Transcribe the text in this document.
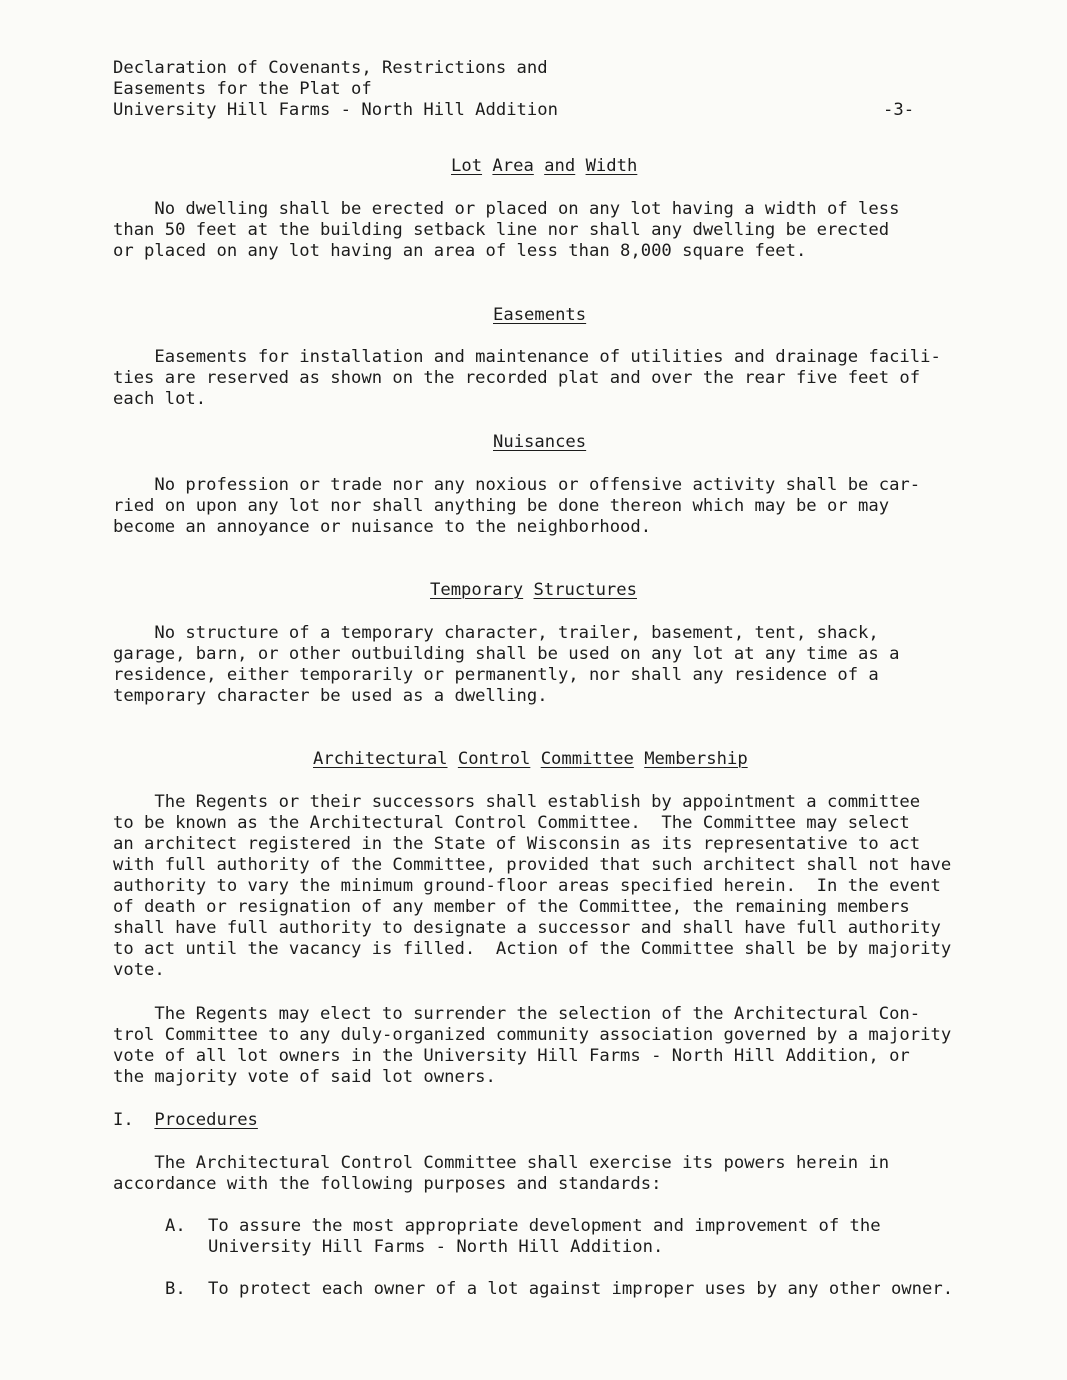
Declaration of Covenants, Restrictions and
Easements for the Plat of
University Hill Farms - North Hill Addition	-3-
Lot Area and Width
No dwelling shall be erected or placed on any lot having a width of less
than 50 feet at the building setback line nor shall any dwelling be erected
or placed on any lot having an area of less than 8,000 square feet.
Easements
Easements for installation and maintenance of utilities and drainage facili-
ties are reserved as shown on the recorded plat and over the rear five feet of
each lot.
Nuisances
No profession or trade nor any noxious or offensive activity shall be car-
ried on upon any lot nor shall anything be done thereon which may be or may
become an annoyance or nuisance to the neighborhood.
Temporary Structures
No structure of a temporary character, trailer, basement, tent, shack,
garage, barn, or other outbuilding shall be used on any lot at any time as a
residence, either temporarily or permanently, nor shall any residence of a
temporary character be used as a dwelling.
Architectural Control Committee Membership
The Regents or their successors shall establish by appointment a committee
to be known as the Architectural Control Committee.  The Committee may select
an architect registered in the State of Wisconsin as its representative to act
with full authority of the Committee, provided that such architect shall not have
authority to vary the minimum ground-floor areas specified herein.  In the event
of death or resignation of any member of the Committee, the remaining members
shall have full authority to designate a successor and shall have full authority
to act until the vacancy is filled.  Action of the Committee shall be by majority
vote.
The Regents may elect to surrender the selection of the Architectural Con-
trol Committee to any duly-organized community association governed by a majority
vote of all lot owners in the University Hill Farms - North Hill Addition, or
the majority vote of said lot owners.
I. Procedures
The Architectural Control Committee shall exercise its powers herein in
accordance with the following purposes and standards:
A. To assure the most appropriate development and improvement of the
University Hill Farms - North Hill Addition.
B. To protect each owner of a lot against improper uses by any other owner.
